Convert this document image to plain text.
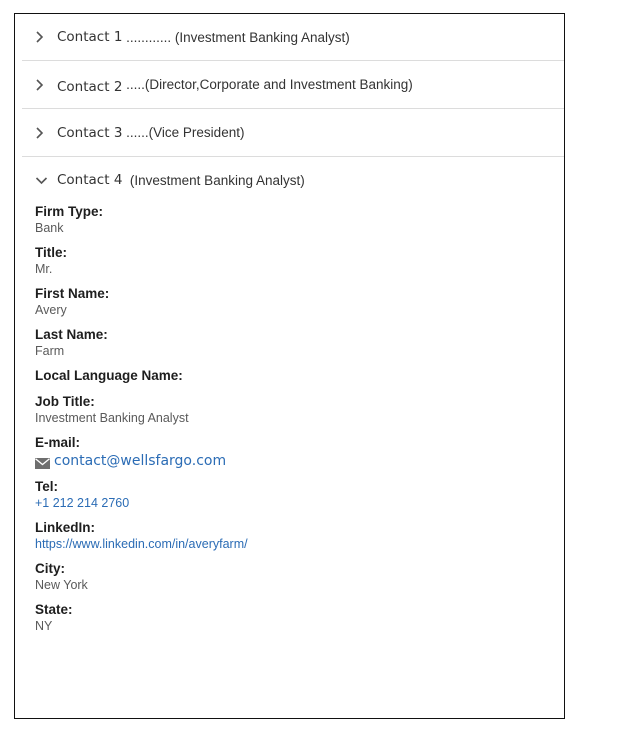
Contact 1 ............ (Investment Banking Analyst)
Contact 2 .....(Director,Corporate and Investment Banking)
Contact 3 ......(Vice President)
Contact 4 (Investment Banking Analyst)
Firm Type:
Bank
Title:
Mr.
First Name:
Avery
Last Name:
Farm
Local Language Name:
Job Title:
Investment Banking Analyst
E-mail:
contact@wellsfargo.com
Tel:
+1 212 214 2760
LinkedIn:
https://www.linkedin.com/in/averyfarm/
City:
New York
State:
NY
